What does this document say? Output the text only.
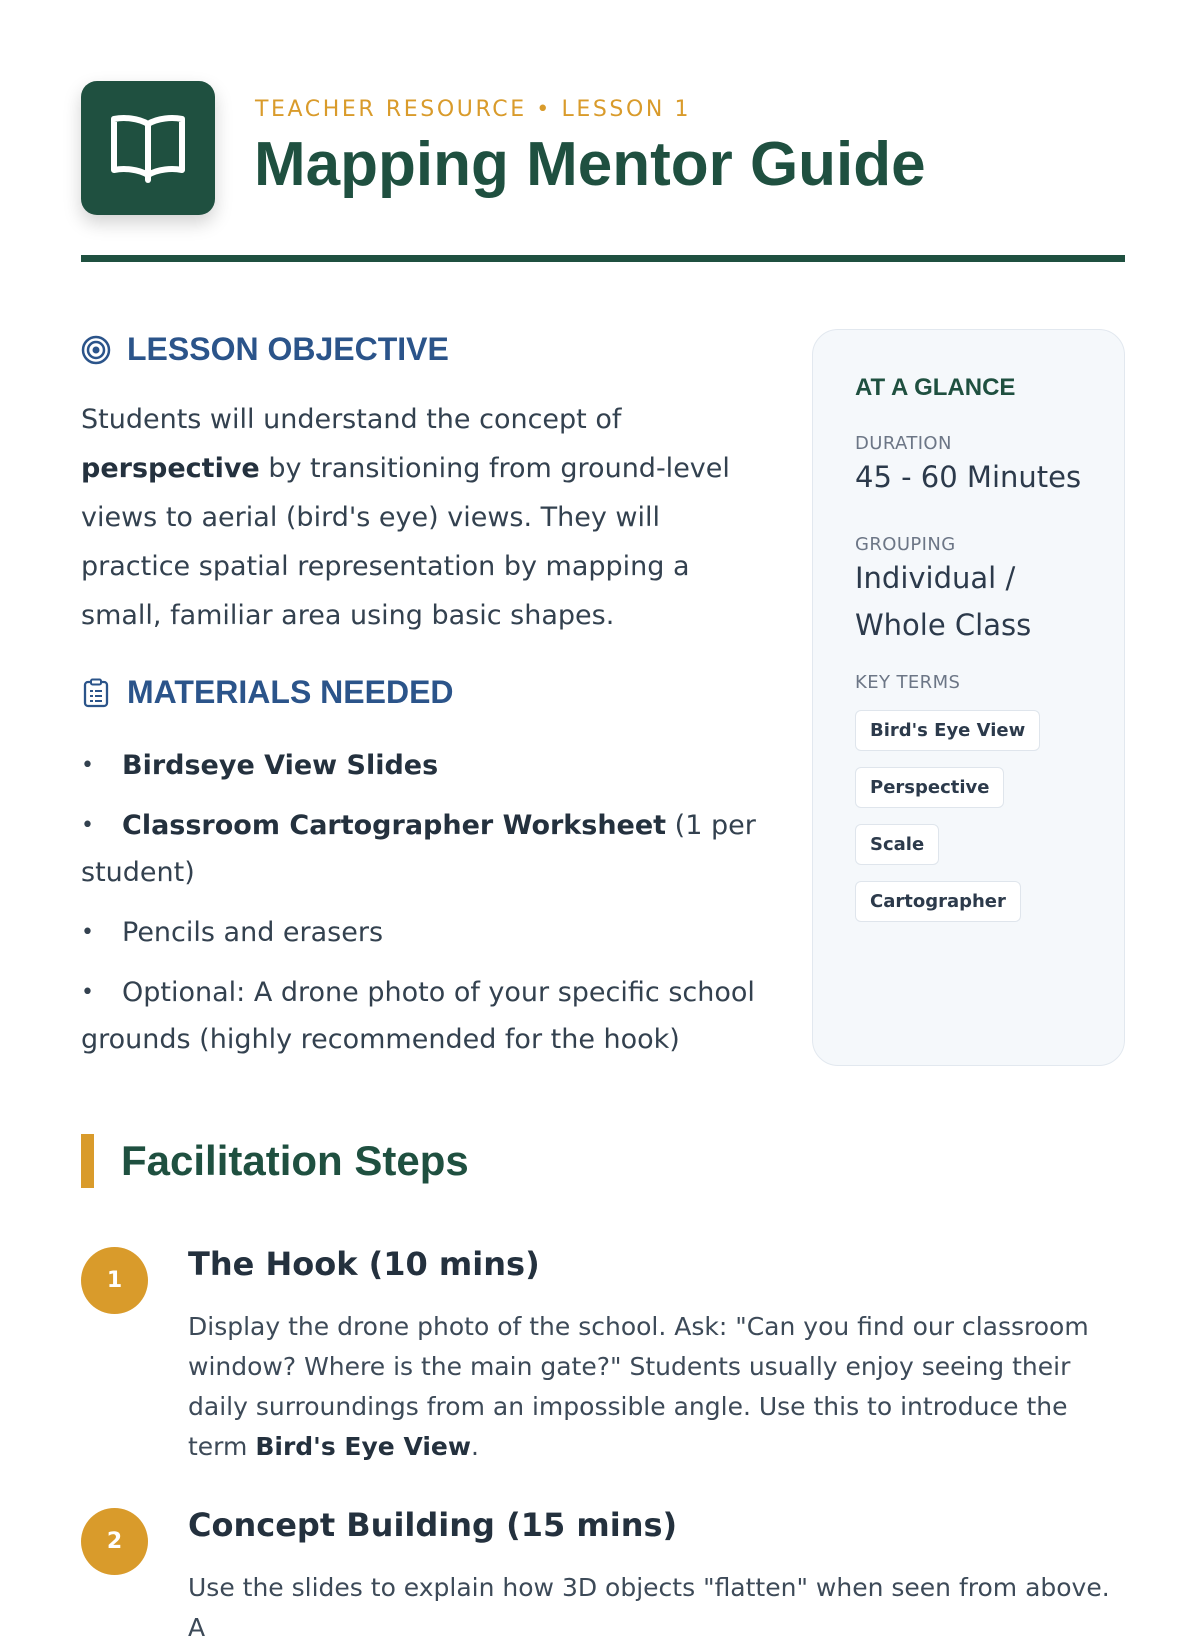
TEACHER RESOURCE • LESSON 1
Mapping Mentor Guide
LESSON OBJECTIVE

Students will understand the concept of perspective by transitioning from ground-level views to aerial (bird's eye) views. They will practice spatial representation by mapping a small, familiar area using basic shapes.

MATERIALS NEEDED
• Birdseye View Slides
• Classroom Cartographer Worksheet (1 per student)
• Pencils and erasers
• Optional: A drone photo of your specific school grounds (highly recommended for the hook)
AT A GLANCE
DURATION
45 - 60 Minutes
GROUPING
Individual / Whole Class
KEY TERMS
Bird's Eye View
Perspective
Scale
Cartographer
Facilitation Steps
1	The Hook (10 mins)

Display the drone photo of the school. Ask: "Can you find our classroom window? Where is the main gate?" Students usually enjoy seeing their daily surroundings from an impossible angle. Use this to introduce the term Bird's Eye View.

2	Concept Building (15 mins)

Use the slides to explain how 3D objects "flatten" when seen from above. A
